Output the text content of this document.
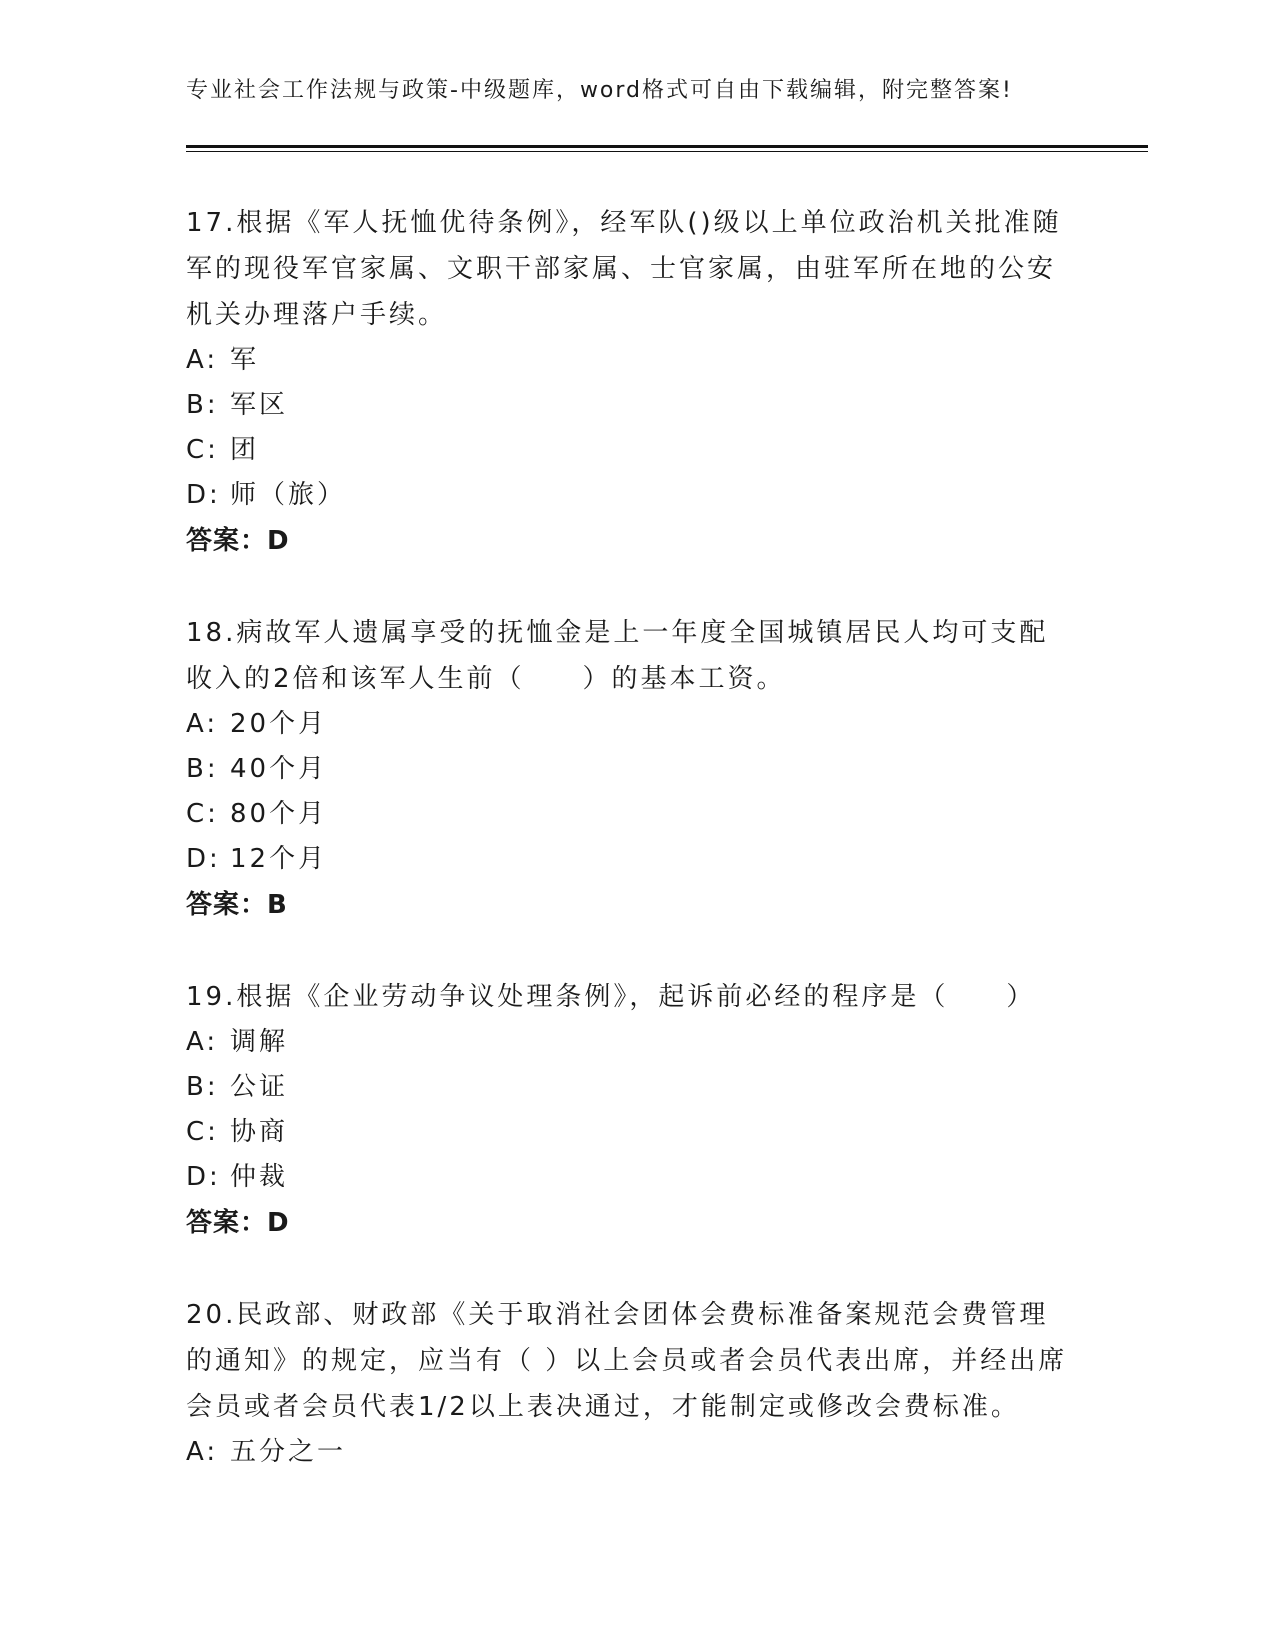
专业社会工作法规与政策-中级题库，word格式可自由下载编辑，附完整答案!

17.根据《军人抚恤优待条例》，经军队()级以上单位政治机关批准随军的现役军官家属、文职干部家属、士官家属，由驻军所在地的公安机关办理落户手续。

A: 军
B: 军区
C: 团
D: 师（旅）
答案：D

18.病故军人遗属享受的抚恤金是上一年度全国城镇居民人均可支配收入的2倍和该军人生前（　　）的基本工资。

A: 20个月
B: 40个月
C: 80个月
D: 12个月
答案：B

19.根据《企业劳动争议处理条例》，起诉前必经的程序是（　　）

A: 调解
B: 公证
C: 协商
D: 仲裁
答案：D

20.民政部、财政部《关于取消社会团体会费标准备案规范会费管理的通知》的规定，应当有（ ）以上会员或者会员代表出席，并经出席会员或者会员代表1/2以上表决通过，才能制定或修改会费标准。

A: 五分之一
